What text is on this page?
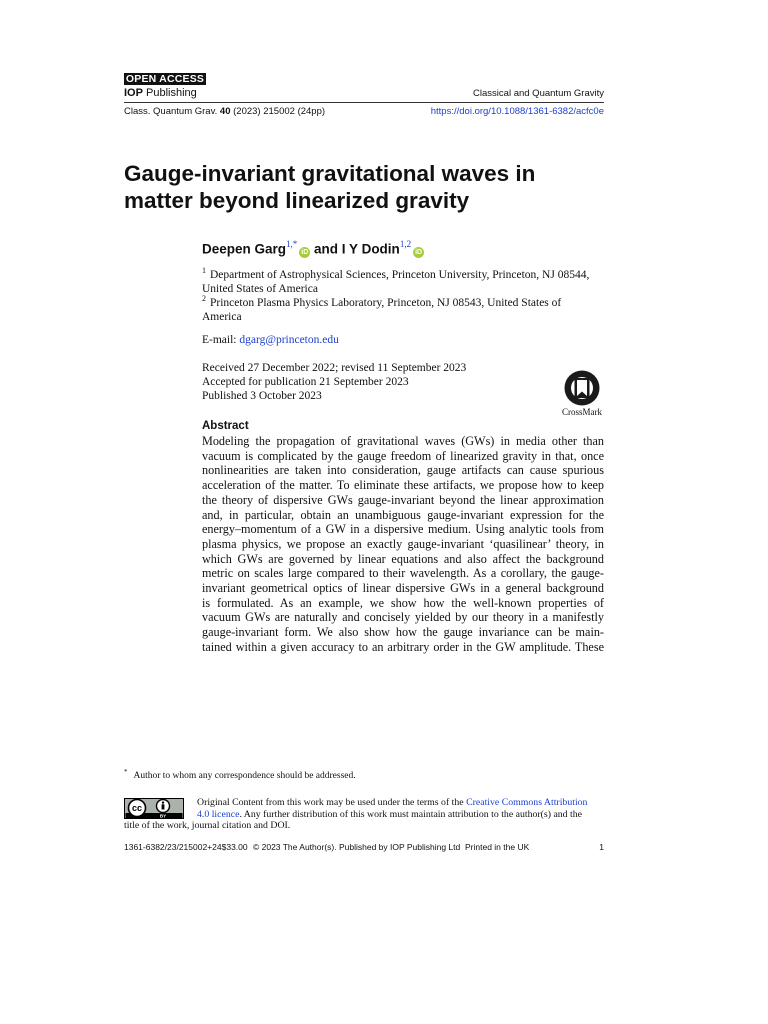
OPEN ACCESS
IOP Publishing	Classical and Quantum Gravity
Class. Quantum Grav. 40 (2023) 215002 (24pp)	https://doi.org/10.1088/1361-6382/acfc0e
Gauge-invariant gravitational waves in
matter beyond linearized gravity
Deepen Garg$^{1,*}$iD and I Y Dodin$^{1,2}$iD
$^1$ Department of Astrophysical Sciences, Princeton University, Princeton, NJ 08544,
United States of America
$^2$ Princeton Plasma Physics Laboratory, Princeton, NJ 08543, United States of
America
E-mail: dgarg@princeton.edu
Received 27 December 2022; revised 11 September 2023
Accepted for publication 21 September 2023
Published 3 October 2023
CrossMark
Abstract
Modeling the propagation of gravitational waves (GWs) in media other than
vacuum is complicated by the gauge freedom of linearized gravity in that, once
nonlinearities are taken into consideration, gauge artifacts can cause spurious
acceleration of the matter. To eliminate these artifacts, we propose how to keep
the theory of dispersive GWs gauge-invariant beyond the linear approximation
and, in particular, obtain an unambiguous gauge-invariant expression for the
energy–momentum of a GW in a dispersive medium. Using analytic tools from
plasma physics, we propose an exactly gauge-invariant ‘quasilinear’ theory, in
which GWs are governed by linear equations and also affect the background
metric on scales large compared to their wavelength. As a corollary, the gauge-
invariant geometrical optics of linear dispersive GWs in a general background
is formulated. As an example, we show how the well-known properties of
vacuum GWs are naturally and concisely yielded by our theory in a manifestly
gauge-invariant form. We also show how the gauge invariance can be main-
tained within a given accuracy to an arbitrary order in the GW amplitude. These
* Author to whom any correspondence should be addressed.
cc
BY
Original Content from this work may be used under the terms of the Creative Commons Attribution
4.0 licence. Any further distribution of this work must maintain attribution to the author(s) and the
title of the work, journal citation and DOI.
1361-6382/23/215002+24$33.00 © 2023 The Author(s). Published by IOP Publishing Ltd Printed in the UK	1
